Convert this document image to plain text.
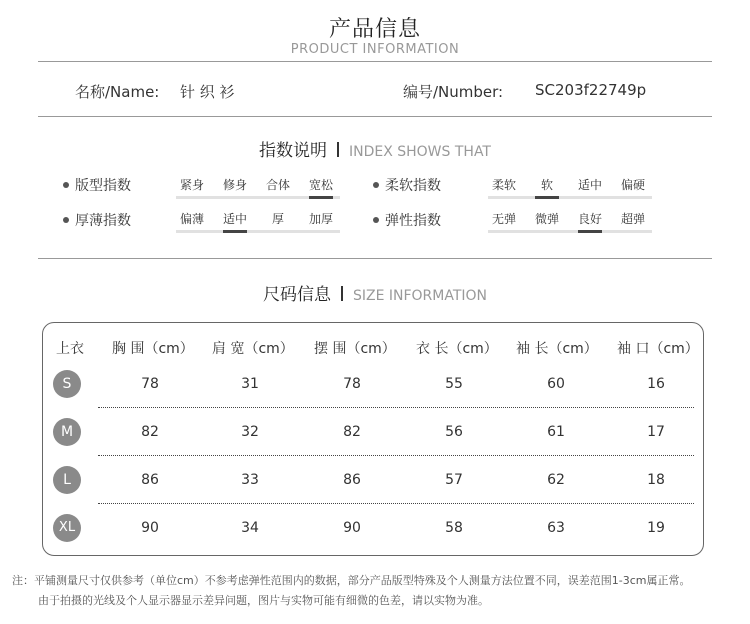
产品信息
PRODUCT INFORMATION
名称/Name: 针 织 衫	编号/Number: SC203f22749p
指数说明 INDEX SHOWS THAT
版型指数	紧身	修身	合体	宽松	柔软指数	柔软	软	适中	偏硬
厚薄指数	偏薄	适中	厚	加厚	弹性指数	无弹	微弹	良好	超弹
尺码信息 SIZE INFORMATION
上衣 胸 围（cm） 肩 宽（cm） 摆 围（cm） 衣 长（cm） 袖 长（cm） 袖 口（cm）
S	78	31	78	55	60	16
M	82	32	82	56	61	17
L	86	33	86	57	62	18
XL	90	34	90	58	63	19
注：平铺测量尺寸仅供参考（单位cm）不参考虑弹性范围内的数据，部分产品版型特殊及个人测量方法位置不同，误差范围1-3cm属正常。
由于拍摄的光线及个人显示器显示差异问题，图片与实物可能有细微的色差，请以实物为准。
